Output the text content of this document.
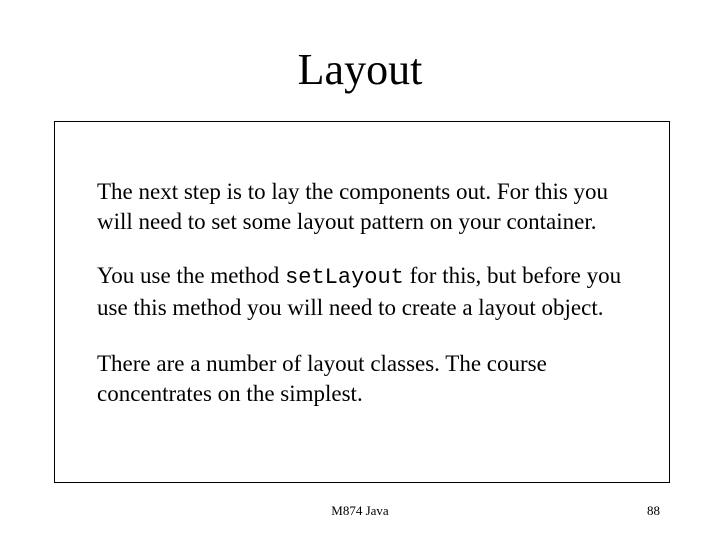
Layout

The next step is to lay the components out. For this you
will need to set some layout pattern on your container.

You use the method setLayout for this, but before you
use this method you will need to create a layout object.

There are a number of layout classes. The course
concentrates on the simplest.

M874 Java	88
